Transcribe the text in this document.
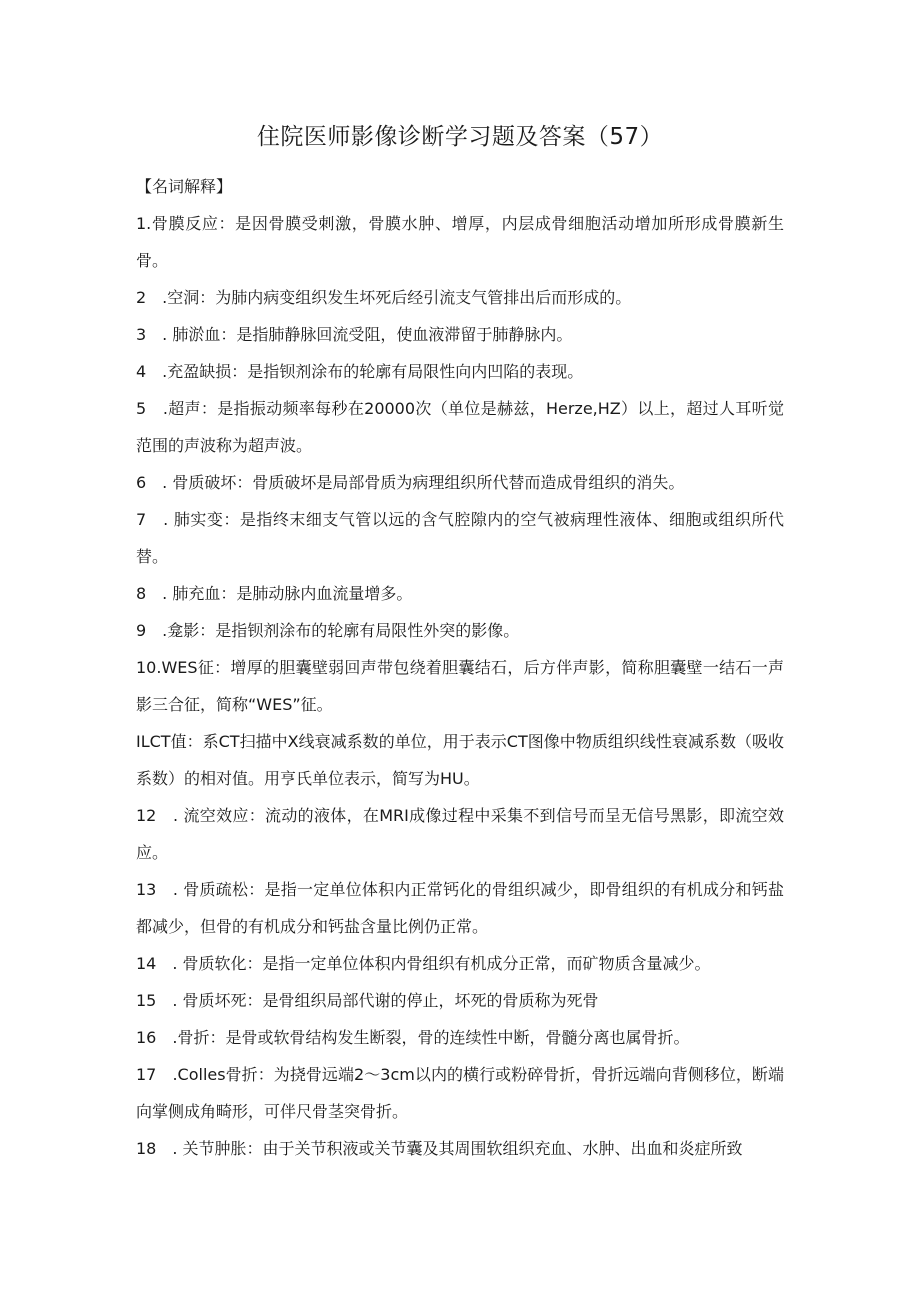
住院医师影像诊断学习题及答案（57）

【名词解释】

1.骨膜反应：是因骨膜受刺激，骨膜水肿、增厚，内层成骨细胞活动增加所形成骨膜新生骨。

2　.空洞：为肺内病变组织发生坏死后经引流支气管排出后而形成的。

3　. 肺淤血：是指肺静脉回流受阻，使血液滞留于肺静脉内。

4　.充盈缺损：是指钡剂涂布的轮廓有局限性向内凹陷的表现。

5　.超声：是指振动频率每秒在20000次（单位是赫兹，Herze,HZ）以上，超过人耳听觉范围的声波称为超声波。

6　. 骨质破坏：骨质破坏是局部骨质为病理组织所代替而造成骨组织的消失。

7　. 肺实变：是指终末细支气管以远的含气腔隙内的空气被病理性液体、细胞或组织所代替。

8　. 肺充血：是肺动脉内血流量增多。

9　.龛影：是指钡剂涂布的轮廓有局限性外突的影像。

10.WES征：增厚的胆囊壁弱回声带包绕着胆囊结石，后方伴声影，简称胆囊壁一结石一声影三合征，简称“WES”征。

ILCT值：系CT扫描中X线衰减系数的单位，用于表示CT图像中物质组织线性衰减系数（吸收系数）的相对值。用亨氏单位表示，简写为HU。

12　. 流空效应：流动的液体，在MRI成像过程中采集不到信号而呈无信号黑影，即流空效应。

13　. 骨质疏松：是指一定单位体积内正常钙化的骨组织减少，即骨组织的有机成分和钙盐都减少，但骨的有机成分和钙盐含量比例仍正常。

14　. 骨质软化：是指一定单位体积内骨组织有机成分正常，而矿物质含量减少。

15　. 骨质坏死：是骨组织局部代谢的停止，坏死的骨质称为死骨

16　.骨折：是骨或软骨结构发生断裂，骨的连续性中断，骨髓分离也属骨折。

17　.Colles骨折：为挠骨远端2～3cm以内的横行或粉碎骨折，骨折远端向背侧移位，断端向掌侧成角畸形，可伴尺骨茎突骨折。

18　. 关节肿胀：由于关节积液或关节囊及其周围软组织充血、水肿、出血和炎症所致
